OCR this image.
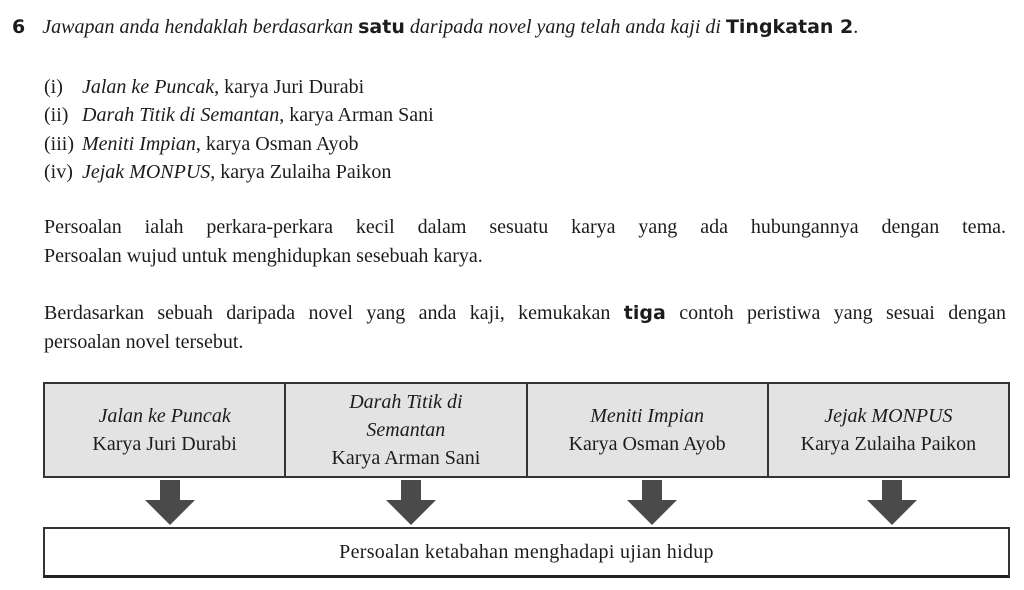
6 Jawapan anda hendaklah berdasarkan satu daripada novel yang telah anda kaji di Tingkatan 2.
(i) Jalan ke Puncak, karya Juri Durabi
(ii) Darah Titik di Semantan, karya Arman Sani
(iii) Meniti Impian, karya Osman Ayob
(iv) Jejak MONPUS, karya Zulaiha Paikon
Persoalan ialah perkara-perkara kecil dalam sesuatu karya yang ada hubungannya dengan tema.
Persoalan wujud untuk menghidupkan sesebuah karya.
Berdasarkan sebuah daripada novel yang anda kaji, kemukakan tiga contoh peristiwa yang sesuai dengan
persoalan novel tersebut.
Jalan ke Puncak
Karya Juri Durabi
Darah Titik di
Semantan
Karya Arman Sani
Meniti Impian
Karya Osman Ayob
Jejak MONPUS
Karya Zulaiha Paikon
Persoalan ketabahan menghadapi ujian hidup
